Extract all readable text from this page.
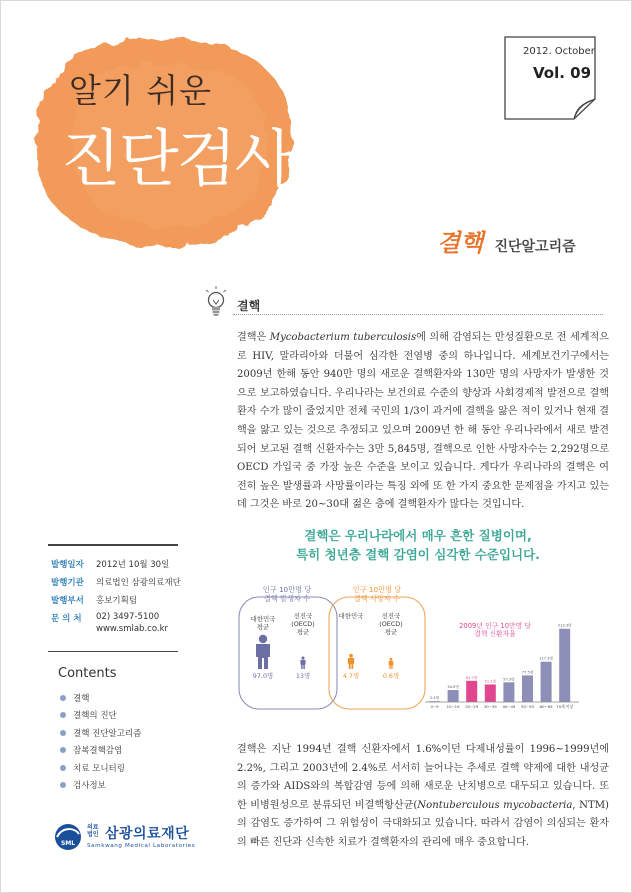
알기 쉬운
진단검사
2012. October
Vol. 09
결핵 진단알고리즘
결핵

결핵은 Mycobacterium tuberculosis에 의해 감염되는 만성질환으로 전 세계적으로 HIV, 말라리아와 더불어 심각한 전염병 중의 하나입니다. 세계보건기구에서는 2009년 한해 동안 940만 명의 새로운 결핵환자와 130만 명의 사망자가 발생한 것으로 보고하였습니다. 우리나라는 보건의료 수준의 향상과 사회경제적 발전으로 결핵환자 수가 많이 줄었지만 전체 국민의 1/3이 과거에 결핵을 앓은 적이 있거나 현재 결핵을 앓고 있는 것으로 추정되고 있으며 2009년 한 해 동안 우리나라에서 새로 발견되어 보고된 결핵 신환자수는 3만 5,845명, 결핵으로 인한 사망자수는 2,292명으로 OECD 가입국 중 가장 높은 수준을 보이고 있습니다. 게다가 우리나라의 결핵은 여전히 높은 발생률과 사망률이라는 특징 외에 또 한 가지 중요한 문제점을 가지고 있는데 그것은 바로 20~30대 젊은 층에 결핵환자가 많다는 것입니다.

결핵은 우리나라에서 매우 흔한 질병이며,
특히 청년층 결핵 감염이 심각한 수준입니다.
인구 10만명 당
결핵 발생자 수
대한민국
평균
선진국
(OECD)
평균
97.0명	13명
인구 10만명 당
결핵 사망자 수
대한민국	선진국
(OECD)
평균
4.7명	0.6명
2009년 인구 10만명 당
결핵 신환자율
2.4명
0~9
34.9명
10~19
61.7명
20~29
51.1명
30~39
57.3명
40~49
77.5명
50~59
117.3명
60~69
213.3명
70세 이상

결핵은 지난 1994년 결핵 신환자에서 1.6%이던 다제내성률이 1996~1999년에 2.2%, 그리고 2003년에 2.4%로 서서히 늘어나는 추세로 결핵 약제에 대한 내성균의 증가와 AIDS와의 복합감염 등에 의해 새로운 난치병으로 대두되고 있습니다. 또한 비병원성으로 분류되던 비결핵항산균(Nontuberculous mycobacteria, NTM)의 감염도 증가하여 그 위험성이 극대화되고 있습니다. 따라서 감염이 의심되는 환자의 빠른 진단과 신속한 치료가 결핵환자의 관리에 매우 중요합니다.

발행일자	2012년 10월 30일
발행기관	의료법인 삼광의료재단
발행부서	홍보기획팀
문 의 처	02) 3497-5100
www.smlab.co.kr
Contents
결핵
결핵의 진단
결핵 진단알고리즘
잠복결핵감염
치료 모니터링
검사정보
SML
의료법인 삼광의료재단
Samkwang Medical Laboratories
